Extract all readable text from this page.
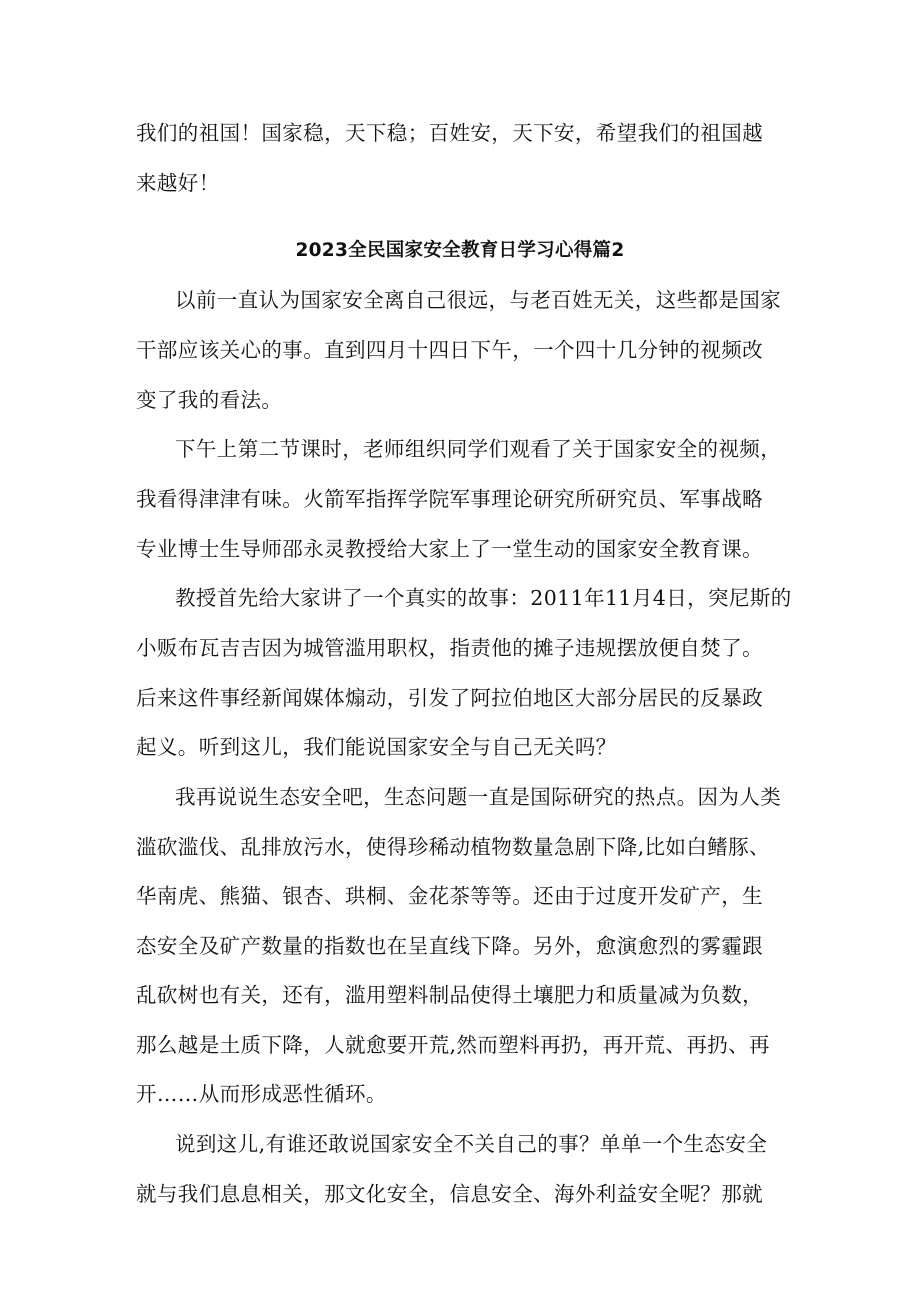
我们的祖国！国家稳，天下稳；百姓安，天下安，希望我们的祖国越
来越好！
2023全民国家安全教育日学习心得篇2
以前一直认为国家安全离自己很远，与老百姓无关，这些都是国家
干部应该关心的事。直到四月十四日下午，一个四十几分钟的视频改
变了我的看法。
下午上第二节课时，老师组织同学们观看了关于国家安全的视频，
我看得津津有味。火箭军指挥学院军事理论研究所研究员、军事战略
专业博士生导师邵永灵教授给大家上了一堂生动的国家安全教育课。
教授首先给大家讲了一个真实的故事：2011年11月4日，突尼斯的
小贩布瓦吉吉因为城管滥用职权，指责他的摊子违规摆放便自焚了。
后来这件事经新闻媒体煽动，引发了阿拉伯地区大部分居民的反暴政
起义。听到这儿，我们能说国家安全与自己无关吗？
我再说说生态安全吧，生态问题一直是国际研究的热点。因为人类
滥砍滥伐、乱排放污水，使得珍稀动植物数量急剧下降,比如白鳍豚、
华南虎、熊猫、银杏、珙桐、金花茶等等。还由于过度开发矿产，生
态安全及矿产数量的指数也在呈直线下降。另外，愈演愈烈的雾霾跟
乱砍树也有关，还有，滥用塑料制品使得土壤肥力和质量减为负数，
那么越是土质下降，人就愈要开荒,然而塑料再扔，再开荒、再扔、再
开……从而形成恶性循环。
说到这儿,有谁还敢说国家安全不关自己的事？单单一个生态安全
就与我们息息相关，那文化安全，信息安全、海外利益安全呢？那就
